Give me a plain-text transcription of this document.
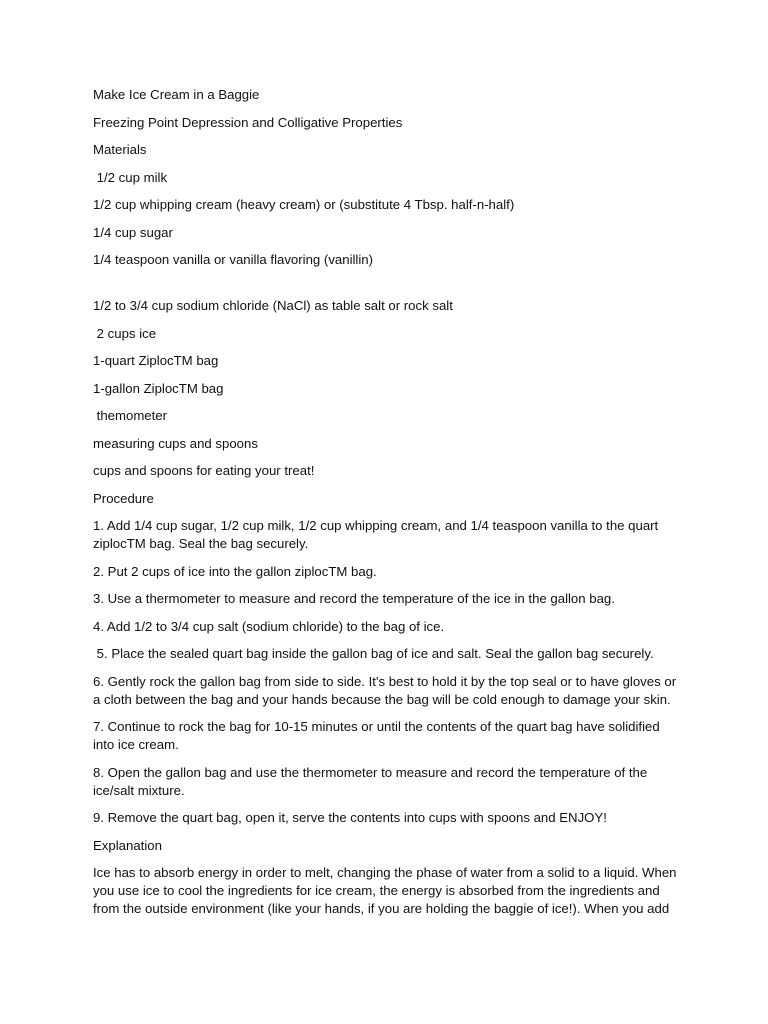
Make Ice Cream in a Baggie

Freezing Point Depression and Colligative Properties

Materials

1/2 cup milk

1/2 cup whipping cream (heavy cream) or (substitute 4 Tbsp. half-n-half)

1/4 cup sugar

1/4 teaspoon vanilla or vanilla flavoring (vanillin)

1/2 to 3/4 cup sodium chloride (NaCl) as table salt or rock salt

2 cups ice

1-quart ZiplocTM bag

1-gallon ZiplocTM bag

themometer

measuring cups and spoons

cups and spoons for eating your treat!

Procedure

1. Add 1/4 cup sugar, 1/2 cup milk, 1/2 cup whipping cream, and 1/4 teaspoon vanilla to the quart ziplocTM bag. Seal the bag securely.

2. Put 2 cups of ice into the gallon ziplocTM bag.

3. Use a thermometer to measure and record the temperature of the ice in the gallon bag.

4. Add 1/2 to 3/4 cup salt (sodium chloride) to the bag of ice.

5. Place the sealed quart bag inside the gallon bag of ice and salt. Seal the gallon bag securely.

6. Gently rock the gallon bag from side to side. It's best to hold it by the top seal or to have gloves or a cloth between the bag and your hands because the bag will be cold enough to damage your skin.

7. Continue to rock the bag for 10-15 minutes or until the contents of the quart bag have solidified into ice cream.

8. Open the gallon bag and use the thermometer to measure and record the temperature of the ice/salt mixture.

9. Remove the quart bag, open it, serve the contents into cups with spoons and ENJOY!

Explanation

Ice has to absorb energy in order to melt, changing the phase of water from a solid to a liquid. When you use ice to cool the ingredients for ice cream, the energy is absorbed from the ingredients and from the outside environment (like your hands, if you are holding the baggie of ice!). When you add
